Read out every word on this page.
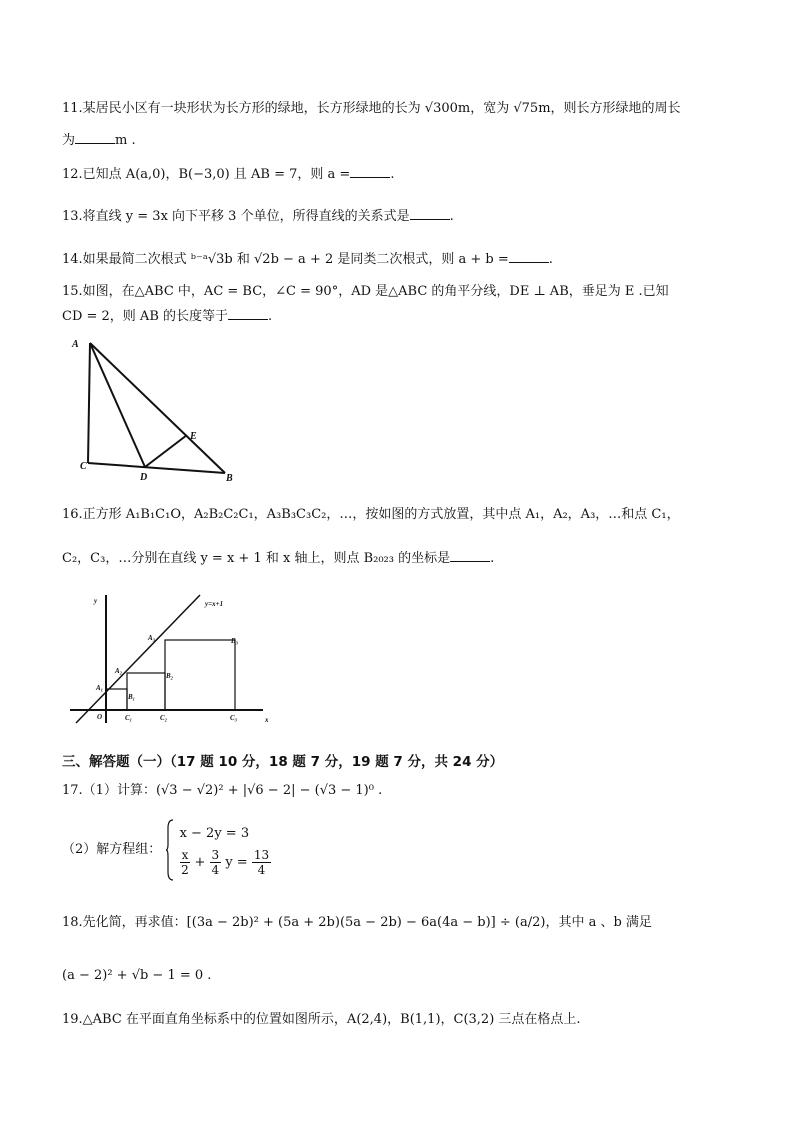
11.某居民小区有一块形状为长方形的绿地，长方形绿地的长为 √300m，宽为 √75m，则长方形绿地的周长
为	m .
12.已知点 A(a,0)，B(−3,0) 且 AB = 7，则 a =	.
13.将直线 y = 3x 向下平移 3 个单位，所得直线的关系式是	.
14.如果最简二次根式 ᵇ⁻ᵃ√3b 和 √2b − a + 2 是同类二次根式，则 a + b =	.
15.如图，在△ABC 中，AC = BC，∠C = 90°，AD 是△ABC 的角平分线，DE ⊥ AB，垂足为 E .已知
CD = 2，则 AB 的长度等于	.
A
C
D
E
B
16.正方形 A₁B₁C₁O，A₂B₂C₂C₁，A₃B₃C₃C₂，…，按如图的方式放置，其中点 A₁，A₂，A₃，…和点 C₁，
C₂，C₃，…分别在直线 y = x + 1 和 x 轴上，则点 B₂₀₂₃ 的坐标是	.
y	y=x+1
x
O
A₁
A₂
A₃
B₁
B₂
B₃
C₁	C₂	C₃
三、解答题（一）（17 题 10 分，18 题 7 分，19 题 7 分，共 24 分）
17.（1）计算：(√3 − √2)² + |√6 − 2| − (√3 − 1)⁰ .
（2）解方程组：
x − 2y = 3
$\frac{x}{2} + \frac{3}{4}$ $y = \frac{13}{4}$
18.先化简，再求值：[(3a − 2b)² + (5a + 2b)(5a − 2b) − 6a(4a − b)] ÷ (a/2)，其中 a 、b 满足
(a − 2)² + √b − 1 = 0 .
19.△ABC 在平面直角坐标系中的位置如图所示，A(2,4)，B(1,1)，C(3,2) 三点在格点上.
